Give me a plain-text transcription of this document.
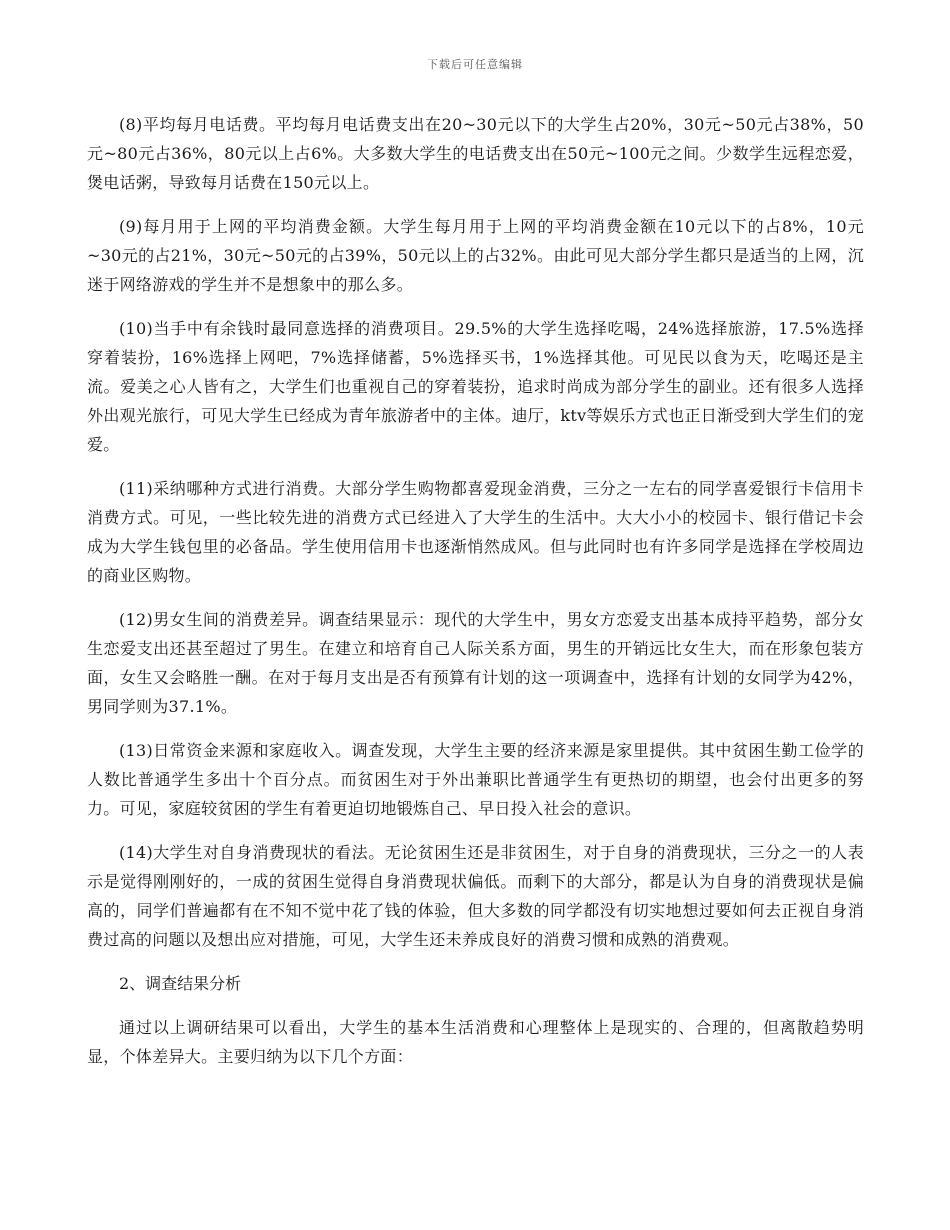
下载后可任意编辑

(8)平均每月电话费。平均每月电话费支出在20~30元以下的大学生占20%，30元~50元占38%，50元~80元占36%，80元以上占6%。大多数大学生的电话费支出在50元~100元之间。少数学生远程恋爱，煲电话粥，导致每月话费在150元以上。

(9)每月用于上网的平均消费金额。大学生每月用于上网的平均消费金额在10元以下的占8%，10元~30元的占21%，30元~50元的占39%，50元以上的占32%。由此可见大部分学生都只是适当的上网，沉迷于网络游戏的学生并不是想象中的那么多。

(10)当手中有余钱时最同意选择的消费项目。29.5%的大学生选择吃喝，24%选择旅游，17.5%选择穿着装扮，16%选择上网吧，7%选择储蓄，5%选择买书，1%选择其他。可见民以食为天，吃喝还是主流。爱美之心人皆有之，大学生们也重视自己的穿着装扮，追求时尚成为部分学生的副业。还有很多人选择外出观光旅行，可见大学生已经成为青年旅游者中的主体。迪厅，ktv等娱乐方式也正日渐受到大学生们的宠爱。

(11)采纳哪种方式进行消费。大部分学生购物都喜爱现金消费，三分之一左右的同学喜爱银行卡信用卡消费方式。可见，一些比较先进的消费方式已经进入了大学生的生活中。大大小小的校园卡、银行借记卡会成为大学生钱包里的必备品。学生使用信用卡也逐渐悄然成风。但与此同时也有许多同学是选择在学校周边的商业区购物。

(12)男女生间的消费差异。调查结果显示：现代的大学生中，男女方恋爱支出基本成持平趋势，部分女生恋爱支出还甚至超过了男生。在建立和培育自己人际关系方面，男生的开销远比女生大，而在形象包装方面，女生又会略胜一酬。在对于每月支出是否有预算有计划的这一项调查中，选择有计划的女同学为42%，男同学则为37.1%。

(13)日常资金来源和家庭收入。调查发现，大学生主要的经济来源是家里提供。其中贫困生勤工俭学的人数比普通学生多出十个百分点。而贫困生对于外出兼职比普通学生有更热切的期望，也会付出更多的努力。可见，家庭较贫困的学生有着更迫切地锻炼自己、早日投入社会的意识。

(14)大学生对自身消费现状的看法。无论贫困生还是非贫困生，对于自身的消费现状，三分之一的人表示是觉得刚刚好的，一成的贫困生觉得自身消费现状偏低。而剩下的大部分，都是认为自身的消费现状是偏高的，同学们普遍都有在不知不觉中花了钱的体验，但大多数的同学都没有切实地想过要如何去正视自身消费过高的问题以及想出应对措施，可见，大学生还未养成良好的消费习惯和成熟的消费观。

2、调查结果分析

通过以上调研结果可以看出，大学生的基本生活消费和心理整体上是现实的、合理的，但离散趋势明显，个体差异大。主要归纳为以下几个方面：
